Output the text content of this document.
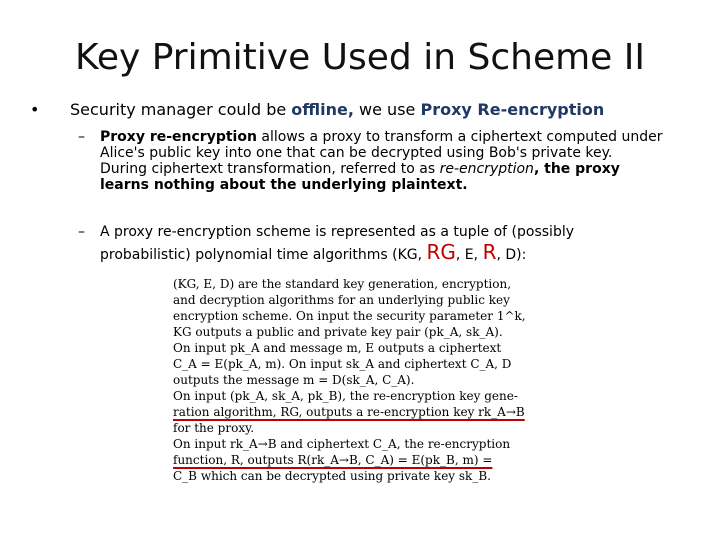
Key Primitive Used in Scheme II
• Security manager could be offline, we use Proxy Re-encryption
– Proxy re-encryption allows a proxy to transform a ciphertext computed under
Alice's public key into one that can be decrypted using Bob's private key.
During ciphertext transformation, referred to as re-encryption, the proxy
learns nothing about the underlying plaintext.
– A proxy re-encryption scheme is represented as a tuple of (possibly
probabilistic) polynomial time algorithms (KG, RG, E, R, D):
(KG, E, D) are the standard key generation, encryption,
and decryption algorithms for an underlying public key
encryption scheme. On input the security parameter 1^k,
KG outputs a public and private key pair (pk_A, sk_A).
On input pk_A and message m, E outputs a ciphertext
C_A = E(pk_A, m). On input sk_A and ciphertext C_A, D
outputs the message m = D(sk_A, C_A).
On input (pk_A, sk_A, pk_B), the re-encryption key gene-
ration algorithm, RG, outputs a re-encryption key rk_A→B
for the proxy.
On input rk_A→B and ciphertext C_A, the re-encryption
function, R, outputs R(rk_A→B, C_A) = E(pk_B, m) =
C_B which can be decrypted using private key sk_B.
